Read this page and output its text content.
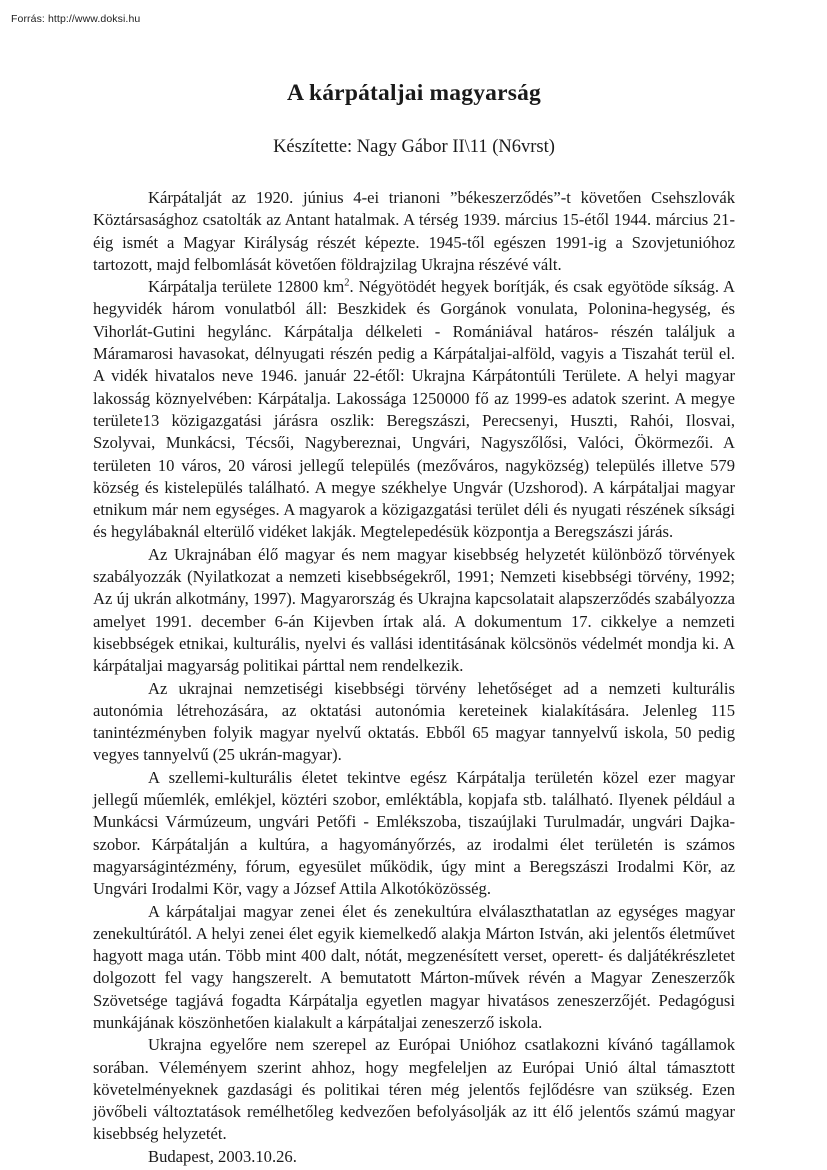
Forrás: http://www.doksi.hu
A kárpátaljai magyarság
Készítette: Nagy Gábor II\11 (N6vrst)

Kárpátalját az 1920. június 4-ei trianoni ”békeszerződés”-t követően Csehszlovák Köztársasághoz csatolták az Antant hatalmak. A térség 1939. március 15-étől 1944. március 21-éig ismét a Magyar Királyság részét képezte. 1945-től egészen 1991-ig a Szovjetunióhoz tartozott, majd felbomlását követően földrajzilag Ukrajna részévé vált.

Kárpátalja területe 12800 $km^2$. Négyötödét hegyek borítják, és csak egyötöde síkság. A hegyvidék három vonulatból áll: Beszkidek és Gorgánok vonulata, Polonina-hegység, és Vihorlát-Gutini hegylánc. Kárpátalja délkeleti - Romániával határos- részén találjuk a Máramarosi havasokat, délnyugati részén pedig a Kárpátaljai-alföld, vagyis a Tiszahát terül el. A vidék hivatalos neve 1946. január 22-étől: Ukrajna Kárpátontúli Területe. A helyi magyar lakosság köznyelvében: Kárpátalja. Lakossága 1250000 fő az 1999-es adatok szerint. A megye területe13 közigazgatási járásra oszlik: Beregszászi, Perecsenyi, Huszti, Rahói, Ilosvai, Szolyvai, Munkácsi, Técsői, Nagybereznai, Ungvári, Nagyszőlősi, Valóci, Ökörmezői. A területen 10 város, 20 városi jellegű település (mezőváros, nagyközség) település illetve 579 község és kistelepülés található. A megye székhelye Ungvár (Uzshorod). A kárpátaljai magyar etnikum már nem egységes. A magyarok a közigazgatási terület déli és nyugati részének síksági és hegylábaknál elterülő vidéket lakják. Megtelepedésük központja a Beregszászi járás.

Az Ukrajnában élő magyar és nem magyar kisebbség helyzetét különböző törvények szabályozzák (Nyilatkozat a nemzeti kisebbségekről, 1991; Nemzeti kisebbségi törvény, 1992; Az új ukrán alkotmány, 1997). Magyarország és Ukrajna kapcsolatait alapszerződés szabályozza amelyet 1991. december 6-án Kijevben írtak alá. A dokumentum 17. cikkelye a nemzeti kisebbségek etnikai, kulturális, nyelvi és vallási identitásának kölcsönös védelmét mondja ki. A kárpátaljai magyarság politikai párttal nem rendelkezik.

Az ukrajnai nemzetiségi kisebbségi törvény lehetőséget ad a nemzeti kulturális autonómia létrehozására, az oktatási autonómia kereteinek kialakítására. Jelenleg 115 tanintézményben folyik magyar nyelvű oktatás. Ebből 65 magyar tannyelvű iskola, 50 pedig vegyes tannyelvű (25 ukrán-magyar).

A szellemi-kulturális életet tekintve egész Kárpátalja területén közel ezer magyar jellegű műemlék, emlékjel, köztéri szobor, emléktábla, kopjafa stb. található. Ilyenek például a Munkácsi Vármúzeum, ungvári Petőfi - Emlékszoba, tiszaújlaki Turulmadár, ungvári Dajka-szobor. Kárpátalján a kultúra, a hagyományőrzés, az irodalmi élet területén is számos magyarságintézmény, fórum, egyesület működik, úgy mint a Beregszászi Irodalmi Kör, az Ungvári Irodalmi Kör, vagy a József Attila Alkotóközösség.

A kárpátaljai magyar zenei élet és zenekultúra elválaszthatatlan az egységes magyar zenekultúrától. A helyi zenei élet egyik kiemelkedő alakja Márton István, aki jelentős életművet hagyott maga után. Több mint 400 dalt, nótát, megzenésített verset, operett- és daljátékrészletet dolgozott fel vagy hangszerelt. A bemutatott Márton-művek révén a Magyar Zeneszerzők Szövetsége tagjává fogadta Kárpátalja egyetlen magyar hivatásos zeneszerzőjét. Pedagógusi munkájának köszönhetően kialakult a kárpátaljai zeneszerző iskola.

Ukrajna egyelőre nem szerepel az Európai Unióhoz csatlakozni kívánó tagállamok sorában. Véleményem szerint ahhoz, hogy megfeleljen az Európai Unió által támasztott követelményeknek gazdasági és politikai téren még jelentős fejlődésre van szükség. Ezen jövőbeli változtatások remélhetőleg kedvezően befolyásolják az itt élő jelentős számú magyar kisebbség helyzetét.

Budapest, 2003.10.26.
